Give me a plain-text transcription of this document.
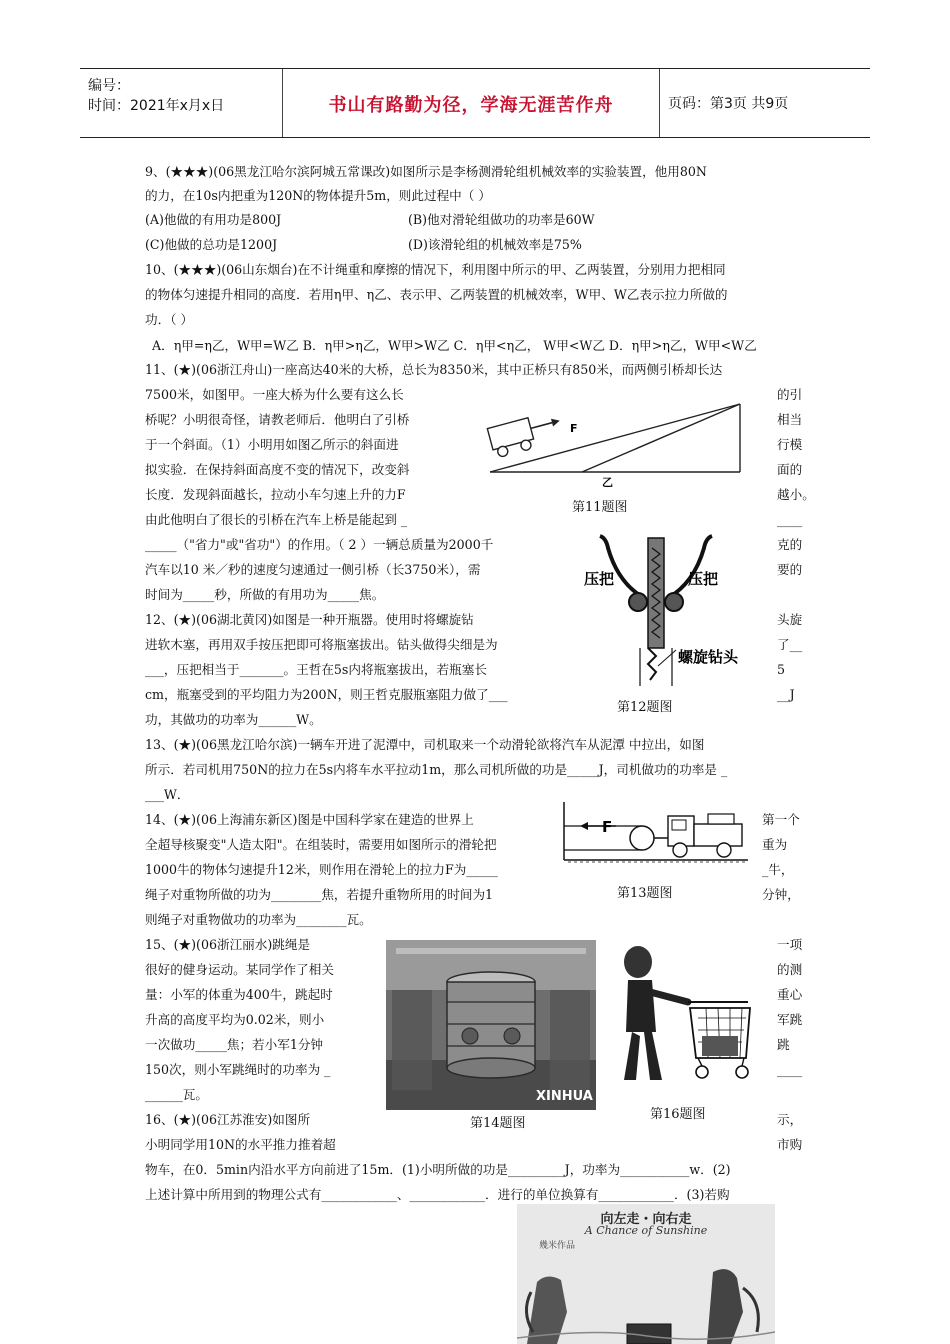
编号：
时间：2021年x月x日	书山有路勤为径，学海无涯苦作舟	页码：第3页 共9页
9、(★★★)(06黑龙江哈尔滨阿城五常课改)如图所示是李杨测滑轮组机械效率的实验装置，他用80N
的力，在10s内把重为120N的物体提升5m，则此过程中（ ）
(A)他做的有用功是800J	(B)他对滑轮组做功的功率是60W
(C)他做的总功是1200J	(D)该滑轮组的机械效率是75%
10、(★★★)(06山东烟台)在不计绳重和摩擦的情况下，利用图中所示的甲、乙两装置，分别用力把相同
的物体匀速提升相同的高度．若用η甲、η乙、表示甲、乙两装置的机械效率，W甲、W乙表示拉力所做的
功．（ ）
A．η甲=η乙，W甲=W乙 B．η甲>η乙，W甲>W乙 C．η甲<η乙， W甲<W乙 D．η甲>η乙，W甲<W乙
11、(★)(06浙江舟山)一座高达40米的大桥，总长为8350米，其中正桥只有850米，而两侧引桥却长达
7500米，如图甲。一座大桥为什么要有这么长	的引
桥呢？小明很奇怪，请教老师后．他明白了引桥	相当
于一个斜面。（1）小明用如图乙所示的斜面进	行模
拟实验．在保持斜面高度不变的情况下，改变斜	面的
长度．发现斜面越长，拉动小车匀速上升的力F	越小。
由此他明白了很长的引桥在汽车上桥是能起到 _	____
_____（"省力"或"省功"）的作用。（ 2 ）一辆总质量为2000千	克的
汽车以10 米／秒的速度匀速通过一侧引桥（长3750米），需	要的
时间为_____秒，所做的有用功为_____焦。
F
乙
第11题图
压把	压把
螺旋钻头
第12题图
12、(★)(06湖北黄冈)如图是一种开瓶器。使用时将螺旋钻	头旋
进软木塞，再用双手按压把即可将瓶塞拔出。钻头做得尖细是为	了__
___，压把相当于_______。王哲在5s内将瓶塞拔出，若瓶塞长	5
cm，瓶塞受到的平均阻力为200N，则王哲克服瓶塞阻力做了___	__J
功，其做功的功率为______W。
13、(★)(06黑龙江哈尔滨)一辆车开进了泥潭中，司机取来一个动滑轮欲将汽车从泥潭 中拉出，如图
所示．若司机用750N的拉力在5s内将车水平拉动1m，那么司机所做的功是_____J，司机做功的功率是 _
___W．
F
第13题图
14、(★)(06上海浦东新区)图是中国科学家在建造的世界上	第一个
全超导核聚变"人造太阳"。在组装时，需要用如图所示的滑轮把	重为
1000牛的物体匀速提升12米，则作用在滑轮上的拉力F为_____	_牛，
绳子对重物所做的功为________焦，若提升重物所用的时间为1	分钟，
则绳子对重物做功的功率为________瓦。
XINHUA
第14题图
第16题图
15、(★)(06浙江丽水)跳绳是	一项
很好的健身运动。某同学作了相关	的测
量：小军的体重为400牛，跳起时	重心
升高的高度平均为0.02米，则小	军跳
一次做功_____焦；若小军1分钟	跳
150次，则小军跳绳时的功率为 _	____
______瓦。
16、(★)(06江苏淮安)如图所	示，
小明同学用10N的水平推力推着超	市购
物车，在0．5min内沿水平方向前进了15m．(1)小明所做的功是_________J，功率为___________w．(2)
上述计算中所用到的物理公式有____________、____________．进行的单位换算有____________．(3)若购
向左走・向右走
A Chance of Sunshine
幾米作品
